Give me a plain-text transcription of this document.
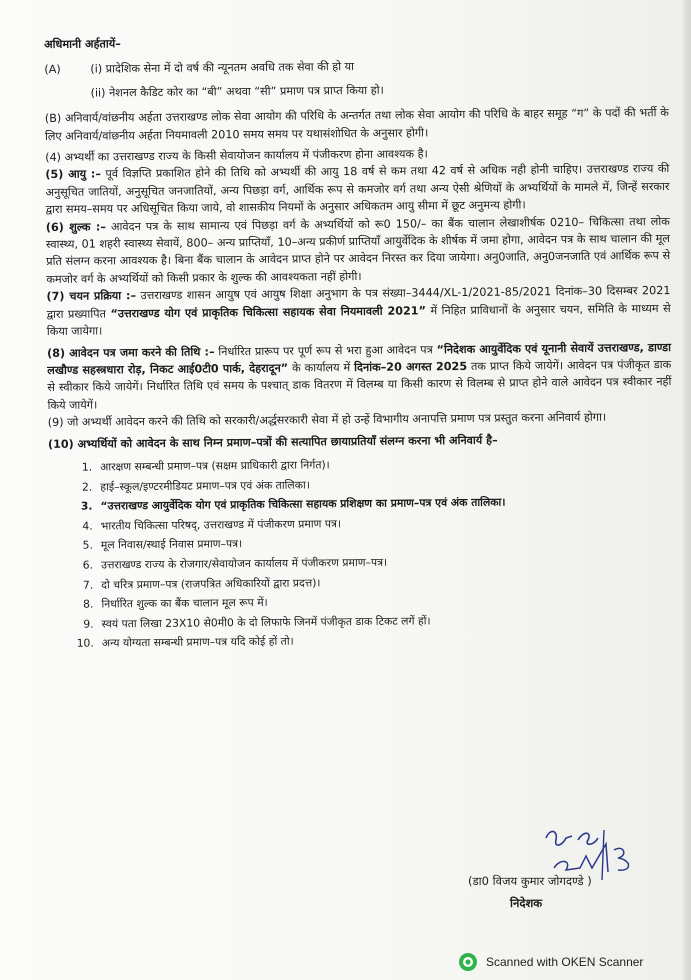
अधिमानी अर्हतायें–

(A)	(i) प्रादेशिक सेना में दो वर्ष की न्यूनतम अवधि तक सेवा की हो या
(ii) नेशनल कैडिट कोर का “बी” अथवा “सी” प्रमाण पत्र प्राप्त किया हो।

(B) अनिवार्य/वांछनीय अर्हता उत्तराखण्ड लोक सेवा आयोग की परिधि के अन्तर्गत तथा लोक सेवा आयोग की परिधि के बाहर समूह “ग” के पदों की भर्ती के लिए अनिवार्य/वांछनीय अर्हता नियमावली 2010 समय समय पर यथासंशोधित के अनुसार होगी।

(4) अभ्यर्थी का उत्तराखण्ड राज्य के किसी सेवायोजन कार्यालय में पंजीकरण होना आवश्यक है।

(5) आयु :– पूर्व विज्ञप्ति प्रकाशित होने की तिथि को अभ्यर्थी की आयु 18 वर्ष से कम तथा 42 वर्ष से अधिक नही होनी चाहिए। उत्तराखण्ड राज्य की अनुसूचित जातियों, अनुसूचित जनजातियों, अन्य पिछड़ा वर्ग, आर्थिक रूप से कमजोर वर्ग तथा अन्य ऐसी श्रेणियों के अभ्यर्थियों के मामले में, जिन्हें सरकार द्वारा समय–समय पर अधिसूचित किया जाये, वो शासकीय नियमों के अनुसार अधिकतम आयु सीमा में छूट अनुमन्य होगी।

(6) शुल्क :– आवेदन पत्र के साथ सामान्य एवं पिछड़ा वर्ग के अभ्यर्थियों को रू0 150/– का बैंक चालान लेखाशीर्षक 0210– चिकित्सा तथा लोक स्वास्थ्य, 01 शहरी स्वास्थ्य सेवायें, 800– अन्य प्राप्तियाँ, 10–अन्य प्रकीर्ण प्राप्तियाँ आयुर्वेदिक के शीर्षक में जमा होगा, आवेदन पत्र के साथ चालान की मूल प्रति संलग्न करना आवश्यक है। बिना बैंक चालान के आवेदन प्राप्त होने पर आवेदन निरस्त कर दिया जायेगा। अनु0जाति, अनु0जनजाति एवं आर्थिक रूप से कमजोर वर्ग के अभ्यर्थियों को किसी प्रकार के शुल्क की आवश्यकता नहीं होगी।

(7) चयन प्रक्रिया :– उत्तराखण्ड शासन आयुष एवं आयुष शिक्षा अनुभाग के पत्र संख्या–3444/XL-1/2021-85/2021 दिनांक–30 दिसम्बर 2021 द्वारा प्रख्यापित “उत्तराखण्ड योग एवं प्राकृतिक चिकित्सा सहायक सेवा नियमावली 2021” में निहित प्राविधानों के अनुसार चयन, समिति के माध्यम से किया जायेगा।

(8) आवेदन पत्र जमा करने की तिथि :– निर्धारित प्रारूप पर पूर्ण रूप से भरा हुआ आवेदन पत्र “निदेशक आयुर्वेदिक एवं यूनानी सेवायें उत्तराखण्ड, डाण्डा लखौण्ड सहस्त्रधारा रोड़, निकट आई0टी0 पार्क, देहरादून” के कार्यालय में दिनांक–20 अगस्त 2025 तक प्राप्त किये जायेगें। आवेदन पत्र पंजीकृत डाक से स्वीकार किये जायेगें। निर्धारित तिथि एवं समय के पश्चात् डाक वितरण में विलम्ब या किसी कारण से विलम्ब से प्राप्त होने वाले आवेदन पत्र स्वीकार नहीं किये जायेगें।

(9) जो अभ्यर्थी आवेदन करने की तिथि को सरकारी/अर्द्धसरकारी सेवा में हो उन्हें विभागीय अनापत्ति प्रमाण पत्र प्रस्तुत करना अनिवार्य होगा।

(10) अभ्यर्थियों को आवेदन के साथ निम्न प्रमाण–पत्रों की सत्यापित छायाप्रतियाँ संलग्न करना भी अनिवार्य है–

1. आरक्षण सम्बन्धी प्रमाण–पत्र (सक्षम प्राधिकारी द्वारा निर्गत)।
2. हाई–स्कूल/इण्टरमीडियट प्रमाण–पत्र एवं अंक तालिका।
3. “उत्तराखण्ड आयुर्वेदिक योग एवं प्राकृतिक चिकित्सा सहायक प्रशिक्षण का प्रमाण–पत्र एवं अंक तालिका।
4. भारतीय चिकित्सा परिषद्, उत्तराखण्ड में पंजीकरण प्रमाण पत्र।
5. मूल निवास/स्थाई निवास प्रमाण–पत्र।
6. उत्तराखण्ड राज्य के रोजगार/सेवायोजन कार्यालय में पंजीकरण प्रमाण–पत्र।
7. दो चरित्र प्रमाण–पत्र (राजपत्रित अधिकारियों द्वारा प्रदत्त)।
8. निर्धारित शुल्क का बैंक चालान मूल रूप में।
9. स्वयं पता लिखा 23X10 से0मी0 के दो लिफाफे जिनमें पंजीकृत डाक टिकट लगें हों।
10. अन्य योग्यता सम्बन्धी प्रमाण–पत्र यदि कोई हों तो।
(डा0 विजय कुमार जोगदण्डे )
निदेशक
Scanned with OKEN Scanner
